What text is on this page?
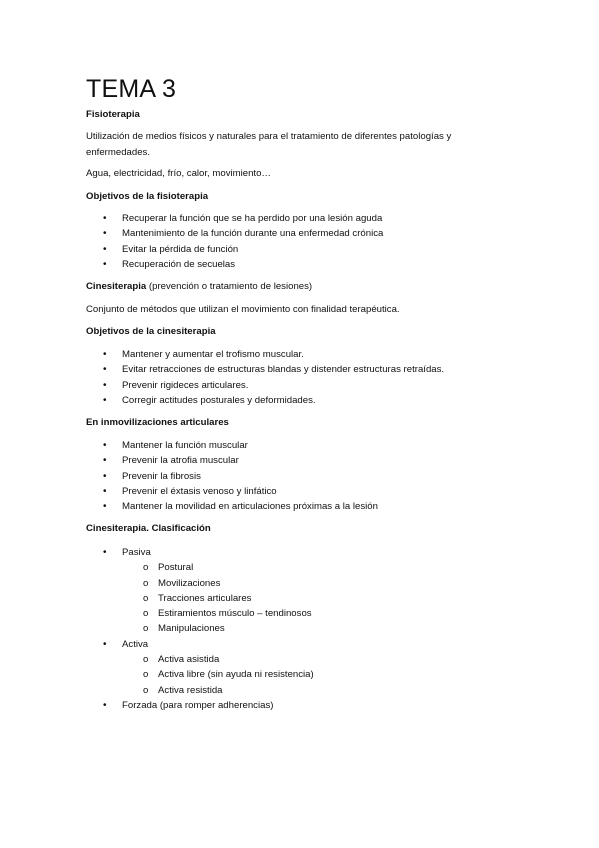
TEMA 3

Fisioterapia

Utilización de medios físicos y naturales para el tratamiento de diferentes patologías y enfermedades.

Agua, electricidad, frío, calor, movimiento…

Objetivos de la fisioterapia

• Recuperar la función que se ha perdido por una lesión aguda
• Mantenimiento de la función durante una enfermedad crónica
• Evitar la pérdida de función
• Recuperación de secuelas

Cinesiterapia (prevención o tratamiento de lesiones)

Conjunto de métodos que utilizan el movimiento con finalidad terapéutica.

Objetivos de la cinesiterapia

• Mantener y aumentar el trofismo muscular.
• Evitar retracciones de estructuras blandas y distender estructuras retraídas.
• Prevenir rigideces articulares.
• Corregir actitudes posturales y deformidades.

En inmovilizaciones articulares

• Mantener la función muscular
• Prevenir la atrofia muscular
• Prevenir la fibrosis
• Prevenir el éxtasis venoso y linfático
• Mantener la movilidad en articulaciones próximas a la lesión

Cinesiterapia. Clasificación

• Pasiva
o Postural
o Movilizaciones
o Tracciones articulares
o Estiramientos músculo – tendinosos
o Manipulaciones
• Activa
o Activa asistida
o Activa libre (sin ayuda ni resistencia)
o Activa resistida
• Forzada (para romper adherencias)
